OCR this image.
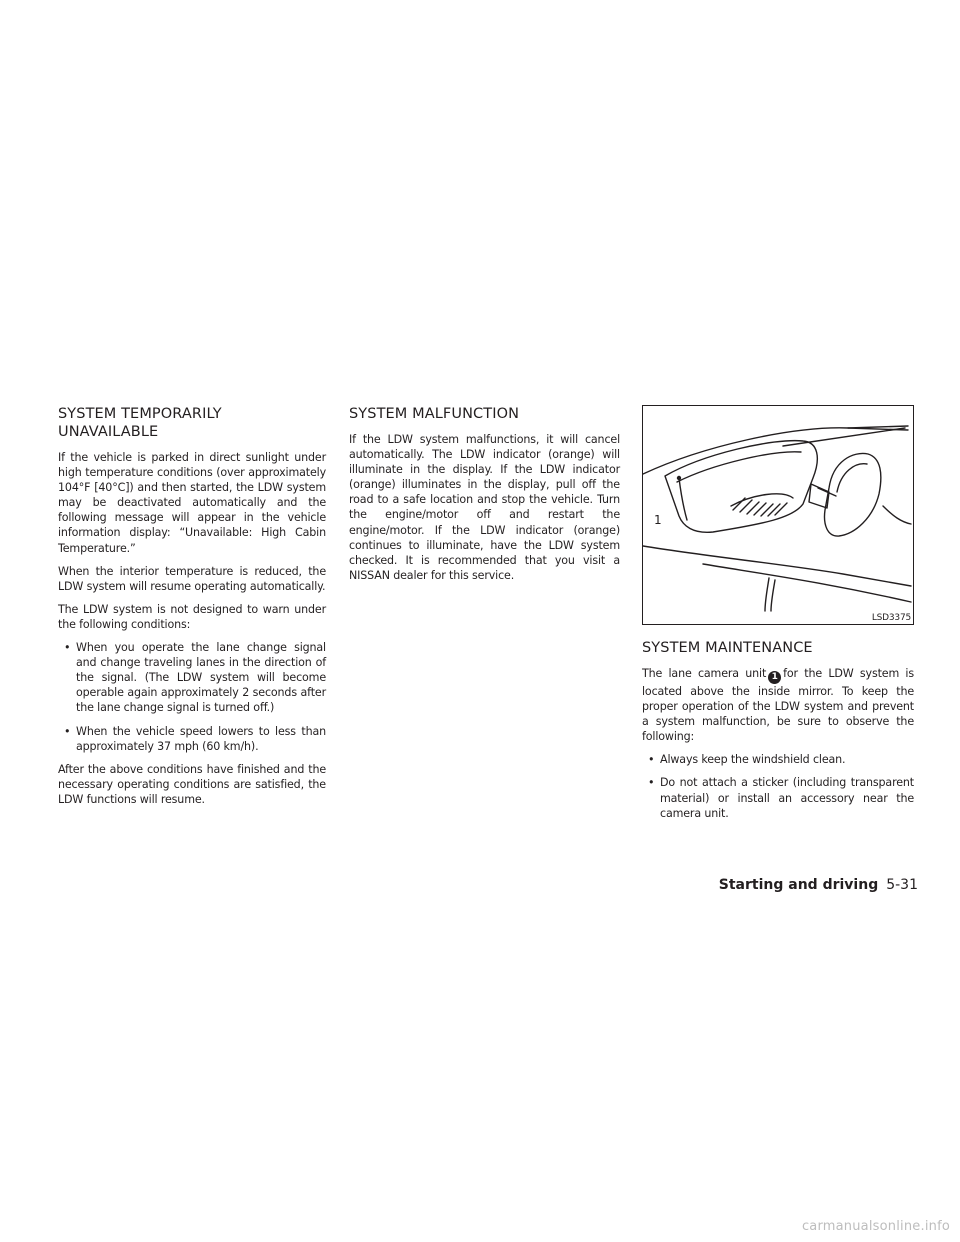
SYSTEM TEMPORARILY UNAVAILABLE

If the vehicle is parked in direct sunlight under high temperature conditions (over approximately 104°F [40°C]) and then started, the LDW system may be deactivated automatically and the following message will appear in the vehicle information display: “Unavailable: High Cabin Temperature.”

When the interior temperature is reduced, the LDW system will resume operating automatically.

The LDW system is not designed to warn under the following conditions:

• When you operate the lane change signal and change traveling lanes in the direction of the signal. (The LDW system will become operable again approximately 2 seconds after the lane change signal is turned off.)
• When the vehicle speed lowers to less than approximately 37 mph (60 km/h).

After the above conditions have finished and the necessary operating conditions are satisfied, the LDW functions will resume.

SYSTEM MALFUNCTION

If the LDW system malfunctions, it will cancel automatically. The LDW indicator (orange) will illuminate in the display. If the LDW indicator (orange) illuminates in the display, pull off the road to a safe location and stop the vehicle. Turn the engine/motor off and restart the engine/motor. If the LDW indicator (orange) continues to illuminate, have the LDW system checked. It is recommended that you visit a NISSAN dealer for this service.

1
LSD3375
SYSTEM MAINTENANCE

The lane camera unit 1 for the LDW system is located above the inside mirror. To keep the proper operation of the LDW system and prevent a system malfunction, be sure to observe the following:

• Always keep the windshield clean.
• Do not attach a sticker (including transparent material) or install an accessory near the camera unit.
Starting and driving 5-31
carmanualsonline.info
